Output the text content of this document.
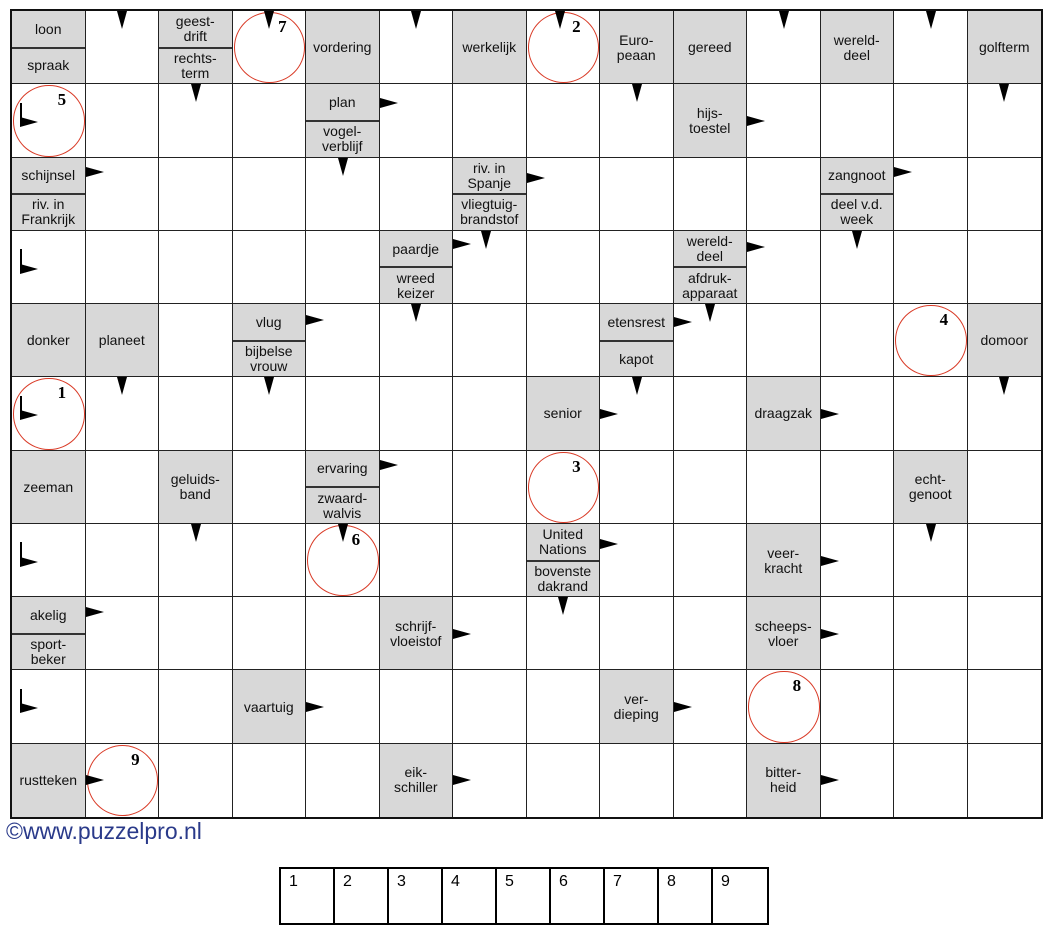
loon
spraak
geest-
drift
rechts-
term
vordering	werkelijk	Euro-
peaan	gereed	wereld-
deel	golfterm
plan
vogel-
verblijf
hijs-
toestel
schijnsel
riv. in
Frankrijk
riv. in
Spanje
vliegtuig-
brandstof
zangnoot
deel v.d.
week
paardje
wreed
keizer
wereld-
deel
afdruk-
apparaat
donker	planeet
vlug
bijbelse
vrouw
etensrest
kapot
domoor
senior	draagzak
zeeman	geluids-
band
ervaring
zwaard-
walvis
echt-
genoot
United
Nations
bovenste
dakrand
veer-
kracht
akelig
sport-
beker
schrijf-
vloeistof
scheeps-
vloer
vaartuig	ver-
dieping
rustteken	eik-
schiller
bitter-
heid
1
2
3
4
5
6
7
8
9
©www.puzzelpro.nl
1	2	3	4	5	6	7	8	9
